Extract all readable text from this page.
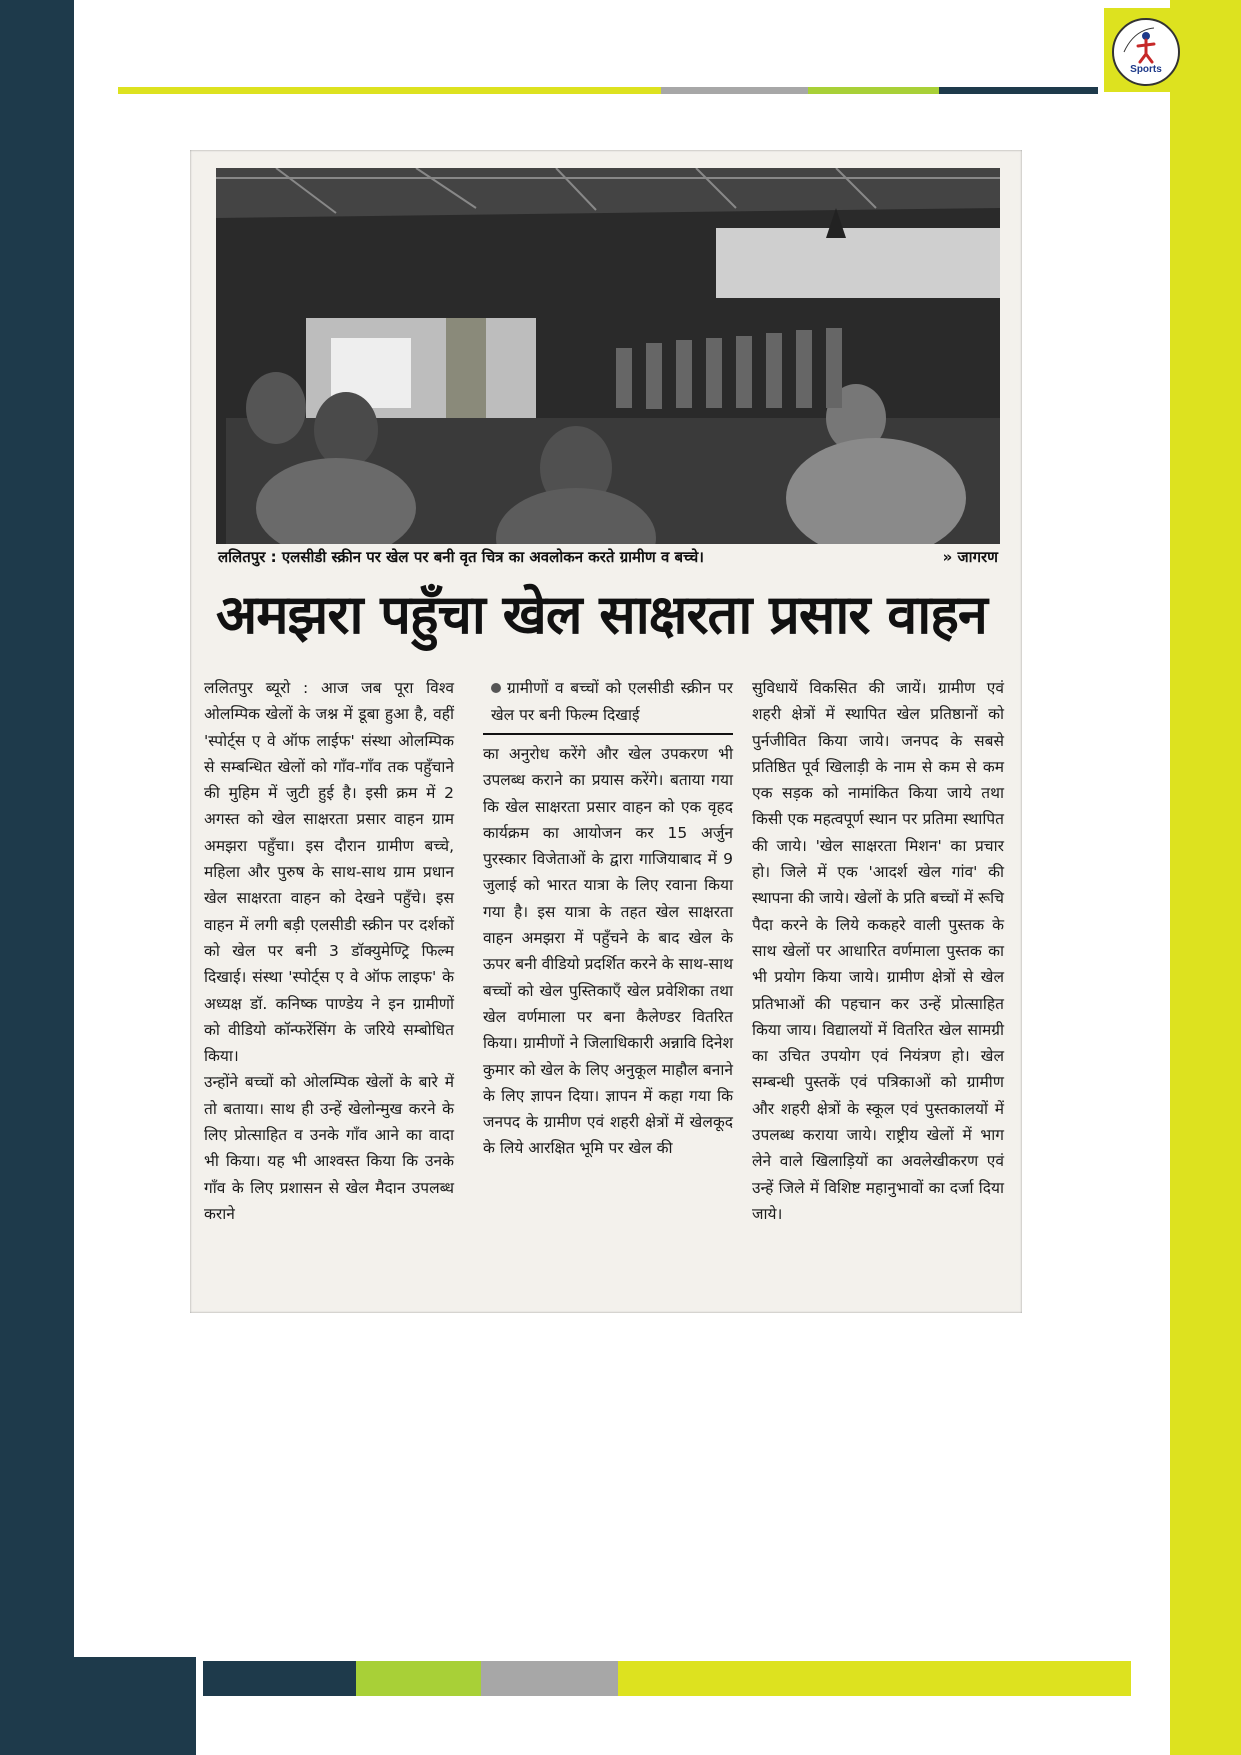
Sports
ललितपुर : एलसीडी स्क्रीन पर खेल पर बनी वृत चित्र का अवलोकन करते ग्रामीण व बच्चे।	» जागरण
अमझरा पहुँचा खेल साक्षरता प्रसार वाहन

ललितपुर ब्यूरो : आज जब पूरा विश्व ओलम्पिक खेलों के जश्न में डूबा हुआ है, वहीं 'स्पोर्ट्स ए वे ऑफ लाईफ' संस्था ओलम्पिक से सम्बन्धित खेलों को गाँव-गाँव तक पहुँचाने की मुहिम में जुटी हुई है। इसी क्रम में 2 अगस्त को खेल साक्षरता प्रसार वाहन ग्राम अमझरा पहुँचा। इस दौरान ग्रामीण बच्चे, महिला और पुरुष के साथ-साथ ग्राम प्रधान खेल साक्षरता वाहन को देखने पहुँचे। इस वाहन में लगी बड़ी एलसीडी स्क्रीन पर दर्शकों को खेल पर बनी 3 डॉक्युमेण्ट्रि फिल्म दिखाई। संस्था 'स्पोर्ट्स ए वे ऑफ लाइफ' के अध्यक्ष डॉ. कनिष्क पाण्डेय ने इन ग्रामीणों को वीडियो कॉन्फरेंसिंग के जरिये सम्बोधित किया।

उन्होंने बच्चों को ओलम्पिक खेलों के बारे में तो बताया। साथ ही उन्हें खेलोन्मुख करने के लिए प्रोत्साहित व उनके गाँव आने का वादा भी किया। यह भी आश्वस्त किया कि उनके गाँव के लिए प्रशासन से खेल मैदान उपलब्ध कराने

ग्रामीणों व बच्चों को एलसीडी स्क्रीन पर खेल पर बनी फिल्म दिखाई

का अनुरोध करेंगे और खेल उपकरण भी उपलब्ध कराने का प्रयास करेंगे। बताया गया कि खेल साक्षरता प्रसार वाहन को एक वृहद कार्यक्रम का आयोजन कर 15 अर्जुन पुरस्कार विजेताओं के द्वारा गाजियाबाद में 9 जुलाई को भारत यात्रा के लिए रवाना किया गया है। इस यात्रा के तहत खेल साक्षरता वाहन अमझरा में पहुँचने के बाद खेल के ऊपर बनी वीडियो प्रदर्शित करने के साथ-साथ बच्चों को खेल पुस्तिकाएँ खेल प्रवेशिका तथा खेल वर्णमाला पर बना कैलेण्डर वितरित किया। ग्रामीणों ने जिलाधिकारी अन्नावि दिनेश कुमार को खेल के लिए अनुकूल माहौल बनाने के लिए ज्ञापन दिया। ज्ञापन में कहा गया कि जनपद के ग्रामीण एवं शहरी क्षेत्रों में खेलकूद के लिये आरक्षित भूमि पर खेल की

सुविधायें विकसित की जायें। ग्रामीण एवं शहरी क्षेत्रों में स्थापित खेल प्रतिष्ठानों को पुर्नजीवित किया जाये। जनपद के सबसे प्रतिष्ठित पूर्व खिलाड़ी के नाम से कम से कम एक सड़क को नामांकित किया जाये तथा किसी एक महत्वपूर्ण स्थान पर प्रतिमा स्थापित की जाये। 'खेल साक्षरता मिशन' का प्रचार हो। जिले में एक 'आदर्श खेल गांव' की स्थापना की जाये। खेलों के प्रति बच्चों में रूचि पैदा करने के लिये ककहरे वाली पुस्तक के साथ खेलों पर आधारित वर्णमाला पुस्तक का भी प्रयोग किया जाये। ग्रामीण क्षेत्रों से खेल प्रतिभाओं की पहचान कर उन्हें प्रोत्साहित किया जाय। विद्यालयों में वितरित खेल सामग्री का उचित उपयोग एवं नियंत्रण हो। खेल सम्बन्धी पुस्तकें एवं पत्रिकाओं को ग्रामीण और शहरी क्षेत्रों के स्कूल एवं पुस्तकालयों में उपलब्ध कराया जाये। राष्ट्रीय खेलों में भाग लेने वाले खिलाड़ियों का अवलेखीकरण एवं उन्हें जिले में विशिष्ट महानुभावों का दर्जा दिया जाये।
